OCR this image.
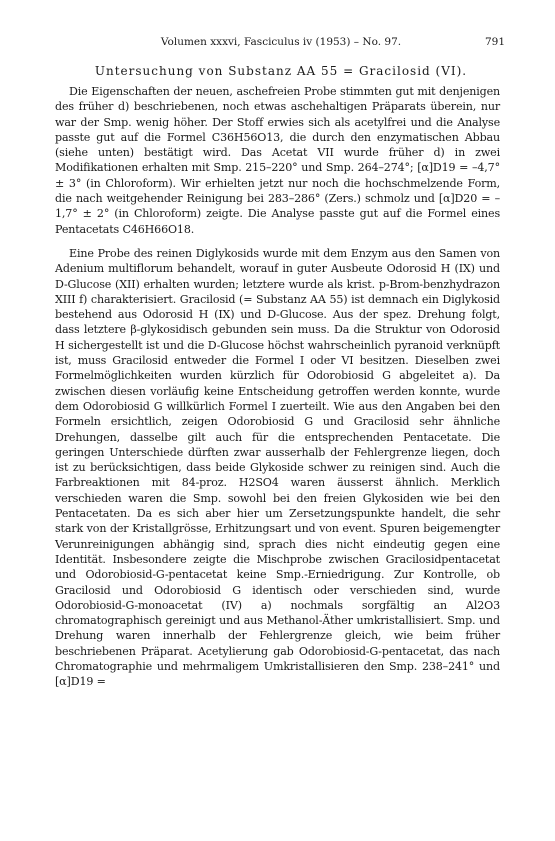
Volumen xxxvi, Fasciculus iv (1953) – No. 97.	791
Untersuchung von Substanz AA 55 = Gracilosid (VI).

Die Eigenschaften der neuen, aschefreien Probe stimmten gut mit denjenigen des früher d) beschriebenen, noch etwas aschehaltigen Präparats überein, nur war der Smp. wenig höher. Der Stoff erwies sich als acetylfrei und die Analyse passte gut auf die Formel C36H56O13, die durch den enzymatischen Abbau (siehe unten) bestätigt wird. Das Acetat VII wurde früher d) in zwei Modifikationen erhalten mit Smp. 215–220° und Smp. 264–274°; [α]D19 = –4,7° ± 3° (in Chloroform). Wir erhielten jetzt nur noch die hochschmelzende Form, die nach weitgehender Reinigung bei 283–286° (Zers.) schmolz und [α]D20 = –1,7° ± 2° (in Chloroform) zeigte. Die Analyse passte gut auf die Formel eines Pentacetats C46H66O18.

Eine Probe des reinen Diglykosids wurde mit dem Enzym aus den Samen von Adenium multiflorum behandelt, worauf in guter Ausbeute Odorosid H (IX) und D-Glucose (XII) erhalten wurden; letztere wurde als krist. p-Brom-benzhydrazon XIII f) charakterisiert. Gracilosid (= Substanz AA 55) ist demnach ein Diglykosid bestehend aus Odorosid H (IX) und D-Glucose. Aus der spez. Drehung folgt, dass letztere β-glykosidisch gebunden sein muss. Da die Struktur von Odorosid H sichergestellt ist und die D-Glucose höchst wahrscheinlich pyranoid verknüpft ist, muss Gracilosid entweder die Formel I oder VI besitzen. Dieselben zwei Formelmöglichkeiten wurden kürzlich für Odorobiosid G abgeleitet a). Da zwischen diesen vorläufig keine Entscheidung getroffen werden konnte, wurde dem Odorobiosid G willkürlich Formel I zuerteilt. Wie aus den Angaben bei den Formeln ersichtlich, zeigen Odorobiosid G und Gracilosid sehr ähnliche Drehungen, dasselbe gilt auch für die entsprechenden Pentacetate. Die geringen Unterschiede dürften zwar ausserhalb der Fehlergrenze liegen, doch ist zu berücksichtigen, dass beide Glykoside schwer zu reinigen sind. Auch die Farbreaktionen mit 84-proz. H2SO4 waren äusserst ähnlich. Merklich verschieden waren die Smp. sowohl bei den freien Glykosiden wie bei den Pentacetaten. Da es sich aber hier um Zersetzungspunkte handelt, die sehr stark von der Kristallgrösse, Erhitzungsart und von event. Spuren beigemengter Verunreinigungen abhängig sind, sprach dies nicht eindeutig gegen eine Identität. Insbesondere zeigte die Mischprobe zwischen Gracilosidpentacetat und Odorobiosid-G-pentacetat keine Smp.-Erniedrigung. Zur Kontrolle, ob Gracilosid und Odorobiosid G identisch oder verschieden sind, wurde Odorobiosid-G-monoacetat (IV) a) nochmals sorgfältig an Al2O3 chromatographisch gereinigt und aus Methanol-Äther umkristallisiert. Smp. und Drehung waren innerhalb der Fehlergrenze gleich, wie beim früher beschriebenen Präparat. Acetylierung gab Odorobiosid-G-pentacetat, das nach Chromatographie und mehrmaligem Umkristallisieren den Smp. 238–241° und [α]D19 =
